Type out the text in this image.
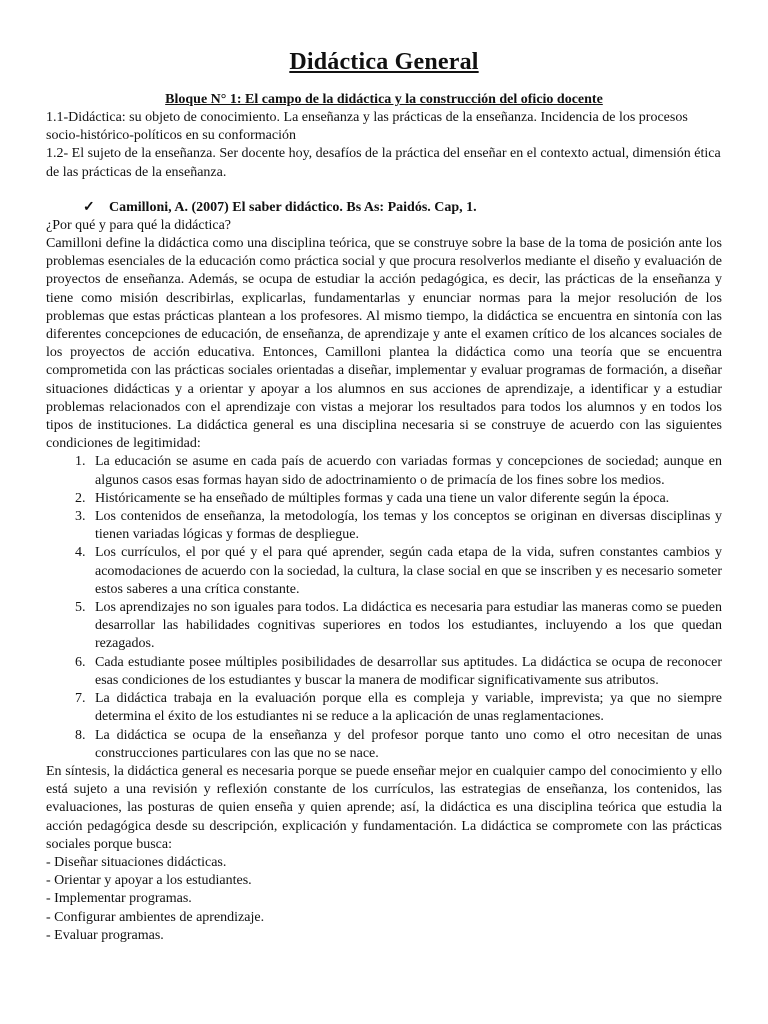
Didáctica General
Bloque N° 1: El campo de la didáctica y la construcción del oficio docente

1.1-Didáctica: su objeto de conocimiento. La enseñanza y las prácticas de la enseñanza. Incidencia de los procesos socio-histórico-políticos en su conformación

1.2- El sujeto de la enseñanza. Ser docente hoy, desafíos de la práctica del enseñar en el contexto actual, dimensión ética de las prácticas de la enseñanza.

✓	Camilloni, A. (2007) El saber didáctico. Bs As: Paidós. Cap, 1.

¿Por qué y para qué la didáctica?

Camilloni define la didáctica como una disciplina teórica, que se construye sobre la base de la toma de posición ante los problemas esenciales de la educación como práctica social y que procura resolverlos mediante el diseño y evaluación de proyectos de enseñanza. Además, se ocupa de estudiar la acción pedagógica, es decir, las prácticas de la enseñanza y tiene como misión describirlas, explicarlas, fundamentarlas y enunciar normas para la mejor resolución de los problemas que estas prácticas plantean a los profesores. Al mismo tiempo, la didáctica se encuentra en sintonía con las diferentes concepciones de educación, de enseñanza, de aprendizaje y ante el examen crítico de los alcances sociales de los proyectos de acción educativa. Entonces, Camilloni plantea la didáctica como una teoría que se encuentra comprometida con las prácticas sociales orientadas a diseñar, implementar y evaluar programas de formación, a diseñar situaciones didácticas y a orientar y apoyar a los alumnos en sus acciones de aprendizaje, a identificar y a estudiar problemas relacionados con el aprendizaje con vistas a mejorar los resultados para todos los alumnos y en todos los tipos de instituciones. La didáctica general es una disciplina necesaria si se construye de acuerdo con las siguientes condiciones de legitimidad:

1. La educación se asume en cada país de acuerdo con variadas formas y concepciones de sociedad; aunque en algunos casos esas formas hayan sido de adoctrinamiento o de primacía de los fines sobre los medios.
2. Históricamente se ha enseñado de múltiples formas y cada una tiene un valor diferente según la época.
3. Los contenidos de enseñanza, la metodología, los temas y los conceptos se originan en diversas disciplinas y tienen variadas lógicas y formas de despliegue.
4. Los currículos, el por qué y el para qué aprender, según cada etapa de la vida, sufren constantes cambios y acomodaciones de acuerdo con la sociedad, la cultura, la clase social en que se inscriben y es necesario someter estos saberes a una crítica constante.
5. Los aprendizajes no son iguales para todos. La didáctica es necesaria para estudiar las maneras como se pueden desarrollar las habilidades cognitivas superiores en todos los estudiantes, incluyendo a los que quedan rezagados.
6. Cada estudiante posee múltiples posibilidades de desarrollar sus aptitudes. La didáctica se ocupa de reconocer esas condiciones de los estudiantes y buscar la manera de modificar significativamente sus atributos.
7. La didáctica trabaja en la evaluación porque ella es compleja y variable, imprevista; ya que no siempre determina el éxito de los estudiantes ni se reduce a la aplicación de unas reglamentaciones.
8. La didáctica se ocupa de la enseñanza y del profesor porque tanto uno como el otro necesitan de unas construcciones particulares con las que no se nace.

En síntesis, la didáctica general es necesaria porque se puede enseñar mejor en cualquier campo del conocimiento y ello está sujeto a una revisión y reflexión constante de los currículos, las estrategias de enseñanza, los contenidos, las evaluaciones, las posturas de quien enseña y quien aprende; así, la didáctica es una disciplina teórica que estudia la acción pedagógica desde su descripción, explicación y fundamentación. La didáctica se compromete con las prácticas sociales porque busca:

- Diseñar situaciones didácticas.

- Orientar y apoyar a los estudiantes.

- Implementar programas.

- Configurar ambientes de aprendizaje.

- Evaluar programas.
